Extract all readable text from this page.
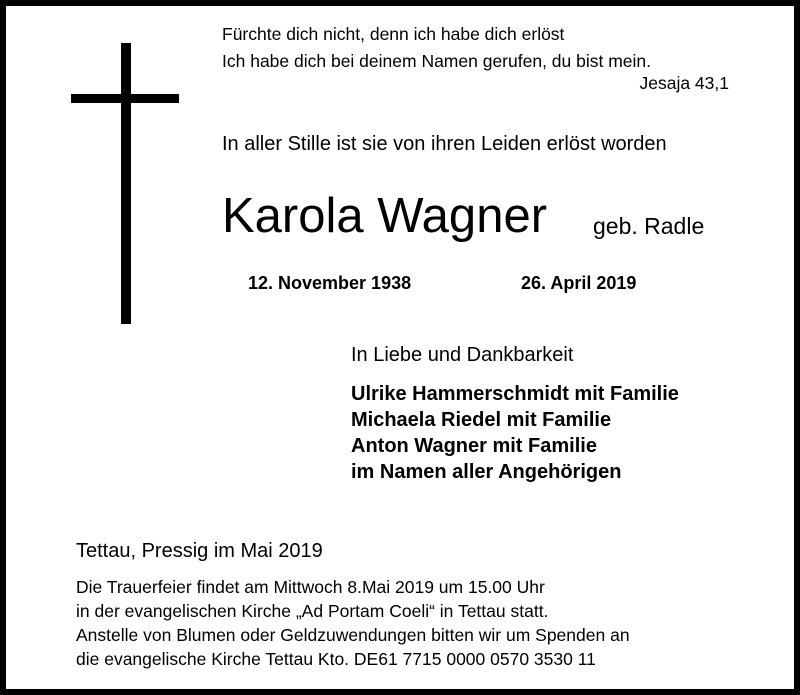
Fürchte dich nicht, denn ich habe dich erlöst
Ich habe dich bei deinem Namen gerufen, du bist mein.
Jesaja 43,1
In aller Stille ist sie von ihren Leiden erlöst worden
Karola Wagner geb. Radle
12. November 1938	26. April 2019
In Liebe und Dankbarkeit
Ulrike Hammerschmidt mit Familie
Michaela Riedel mit Familie
Anton Wagner mit Familie
im Namen aller Angehörigen
Tettau, Pressig im Mai 2019
Die Trauerfeier findet am Mittwoch 8.Mai 2019 um 15.00 Uhr
in der evangelischen Kirche „Ad Portam Coeli“ in Tettau statt.
Anstelle von Blumen oder Geldzuwendungen bitten wir um Spenden an
die evangelische Kirche Tettau Kto. DE61 7715 0000 0570 3530 11
